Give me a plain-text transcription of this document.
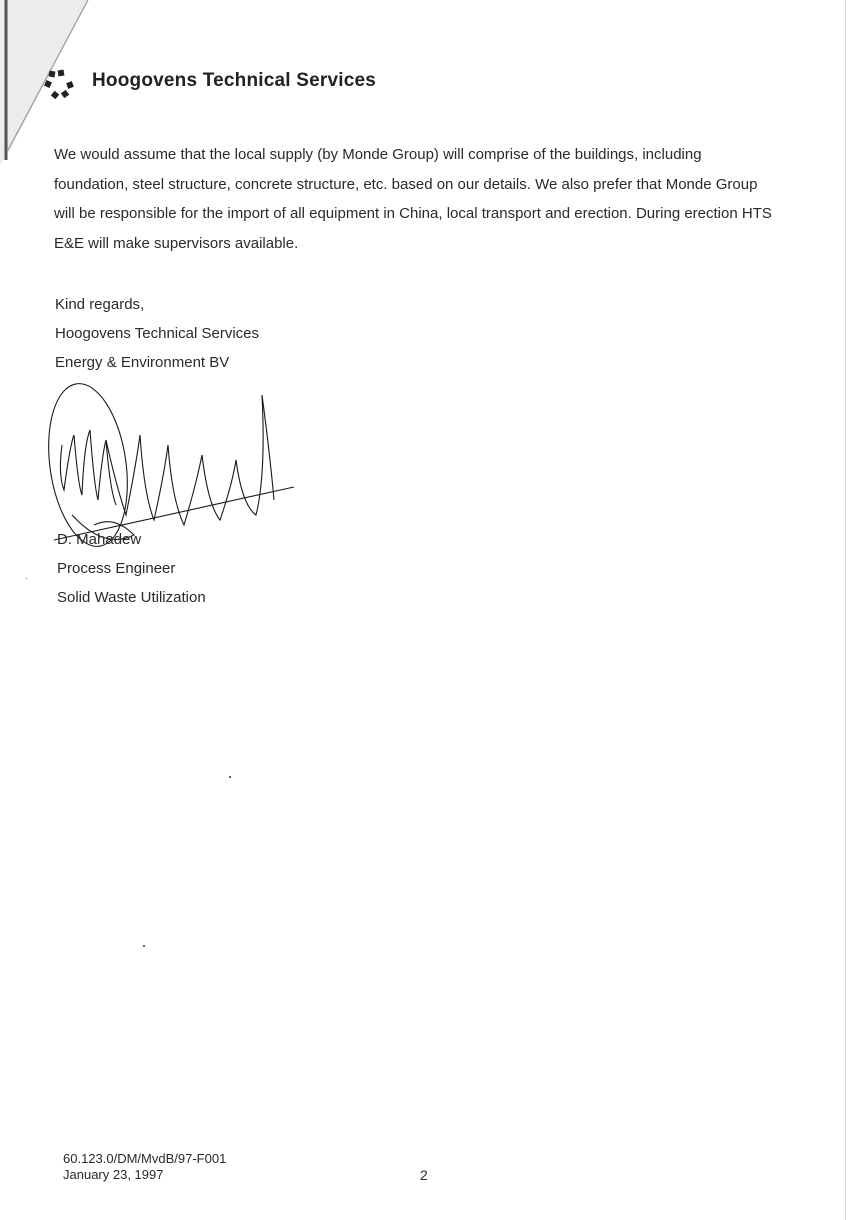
Hoogovens Technical Services

We would assume that the local supply (by Monde Group) will comprise of the buildings, including foundation, steel structure, concrete structure, etc. based on our details. We also prefer that Monde Group will be responsible for the import of all equipment in China, local transport and erection. During erection HTS E&E will make supervisors available.

Kind regards,
Hoogovens Technical Services
Energy & Environment BV
D. Mahadew
Process Engineer
Solid Waste Utilization
60.123.0/DM/MvdB/97-F001
January 23, 1997	2
